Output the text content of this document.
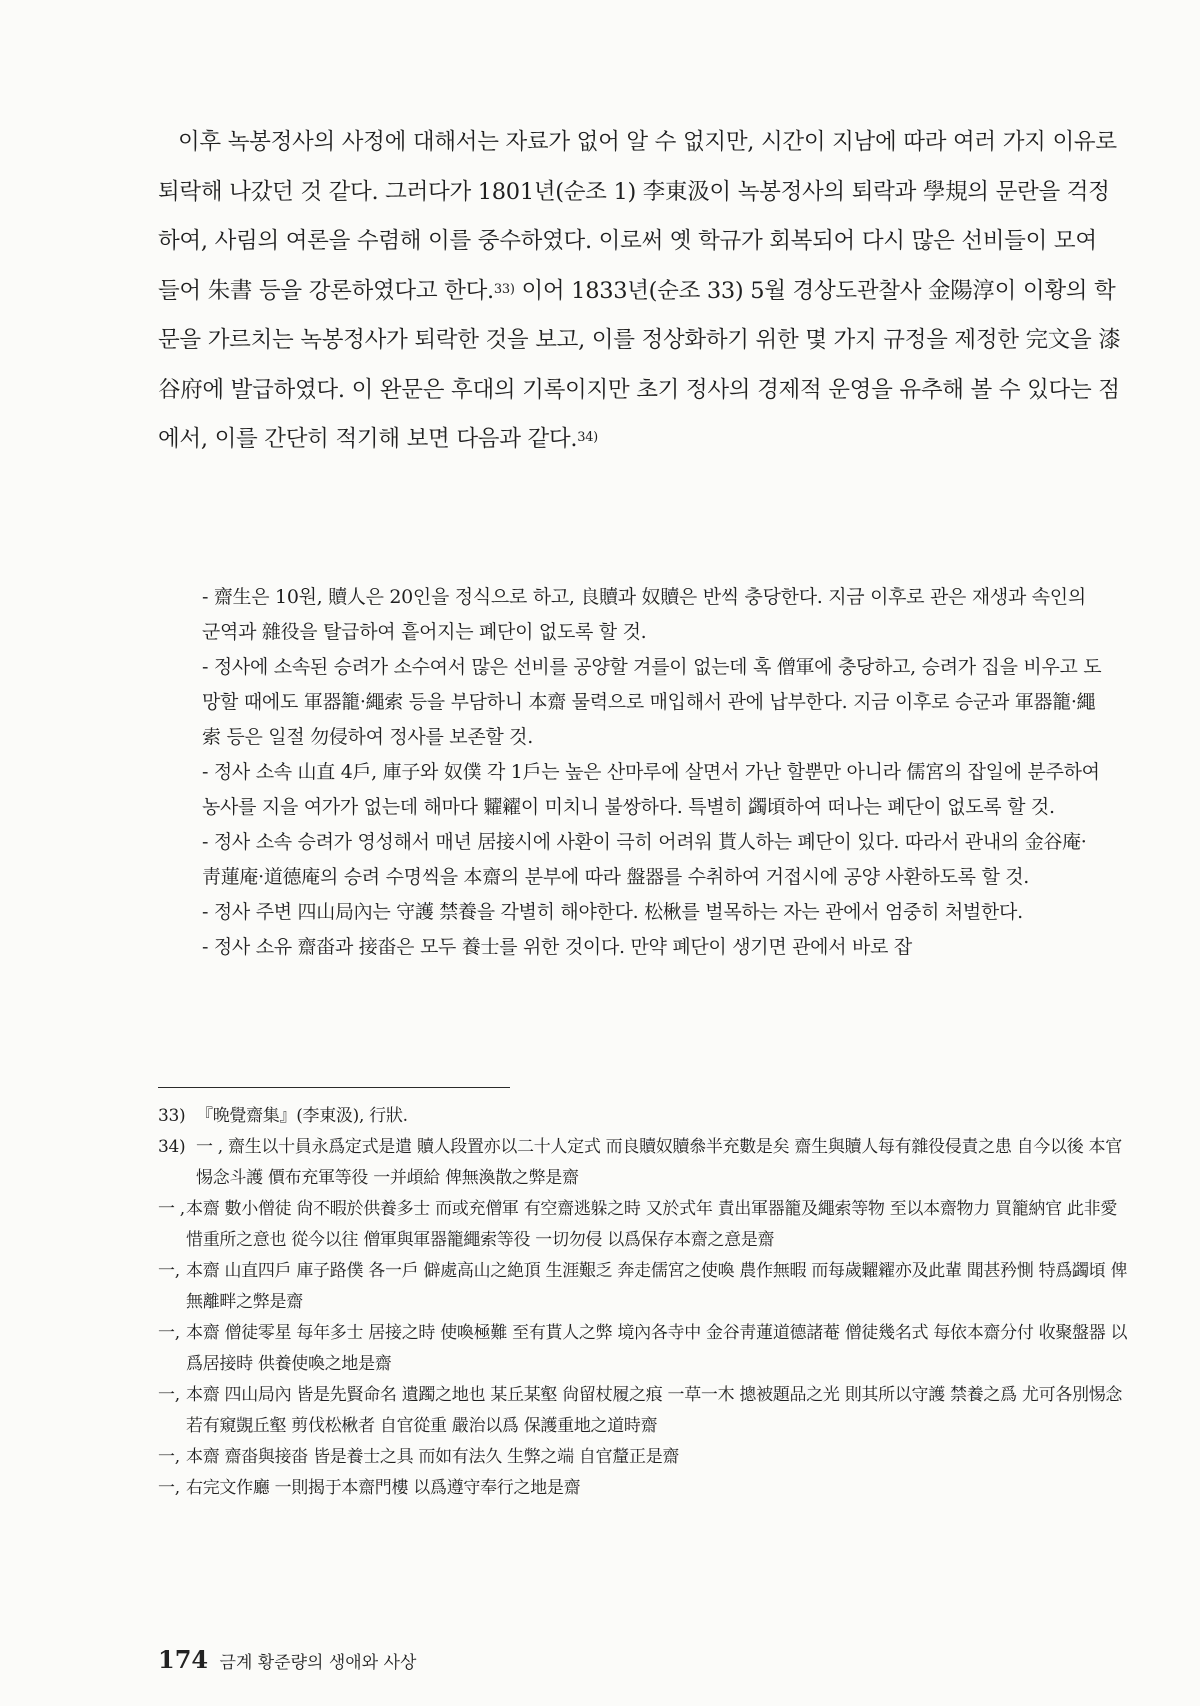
이후 녹봉정사의 사정에 대해서는 자료가 없어 알 수 없지만, 시간이 지남에 따라 여러 가지 이유로 퇴락해 나갔던 것 같다. 그러다가 1801년(순조 1) 李東汲이 녹봉정사의 퇴락과 學規의 문란을 걱정하여, 사림의 여론을 수렴해 이를 중수하였다. 이로써 옛 학규가 회복되어 다시 많은 선비들이 모여 들어 朱書 등을 강론하였다고 한다.$^{33)}$ 이어 1833년(순조 33) 5월 경상도관찰사 金陽淳이 이황의 학문을 가르치는 녹봉정사가 퇴락한 것을 보고, 이를 정상화하기 위한 몇 가지 규정을 제정한 完文을 漆谷府에 발급하였다. 이 완문은 후대의 기록이지만 초기 정사의 경제적 운영을 유추해 볼 수 있다는 점에서, 이를 간단히 적기해 보면 다음과 같다.$^{34)}$

- 齋生은 10원, 贖人은 20인을 정식으로 하고, 良贖과 奴贖은 반씩 충당한다. 지금 이후로 관은 재생과 속인의 군역과 雜役을 탈급하여 흩어지는 폐단이 없도록 할 것.

- 정사에 소속된 승려가 소수여서 많은 선비를 공양할 겨를이 없는데 혹 僧軍에 충당하고, 승려가 집을 비우고 도망할 때에도 軍器籠·繩索 등을 부담하니 本齋 물력으로 매입해서 관에 납부한다. 지금 이후로 승군과 軍器籠·繩索 등은 일절 勿侵하여 정사를 보존할 것.

- 정사 소속 山直 4戶, 庫子와 奴僕 각 1戶는 높은 산마루에 살면서 가난 할뿐만 아니라 儒宮의 잡일에 분주하여 농사를 지을 여가가 없는데 해마다 糶糴이 미치니 불쌍하다. 특별히 蠲頃하여 떠나는 폐단이 없도록 할 것.

- 정사 소속 승려가 영성해서 매년 居接시에 사환이 극히 어려워 貰人하는 폐단이 있다. 따라서 관내의 金谷庵·靑蓮庵·道德庵의 승려 수명씩을 本齋의 분부에 따라 盤器를 수취하여 거접시에 공양 사환하도록 할 것.

- 정사 주변 四山局內는 守護 禁養을 각별히 해야한다. 松楸를 벌목하는 자는 관에서 엄중히 처벌한다.

- 정사 소유 齋畓과 接畓은 모두 養士를 위한 것이다. 만약 폐단이 생기면 관에서 바로 잡

33) 『晩覺齋集』(李東汲), 行狀.
34) 一 , 齋生以十員永爲定式是遣 贖人段置亦以二十人定式 而良贖奴贖叅半充數是矣 齋生與贖人每有雜役侵責之患 自今以後 本官惕念斗護 價布充軍等役 一并頉給 俾無渙散之弊是齋
一 , 本齋 數小僧徒 尙不暇於供養多士 而或充僧軍 有空齋逃躲之時 又於式年 責出軍器籠及繩索等物 至以本齋物力 買籠納官 此非愛惜重所之意也 從今以往 僧軍與軍器籠繩索等役 一切勿侵 以爲保存本齋之意是齋
一, 本齋 山直四戶 庫子路僕 各一戶 僻處高山之絶頂 生涯艱乏 奔走儒宮之使喚 農作無暇 而每歲糶糴亦及此輩 聞甚矜惻 特爲蠲頃 俾無離畔之弊是齋
一, 本齋 僧徒零星 每年多士 居接之時 使喚極難 至有貰人之弊 境內各寺中 金谷靑蓮道德諸菴 僧徒幾名式 每依本齋分付 收聚盤器 以爲居接時 供養使喚之地是齋
一, 本齋 四山局內 皆是先賢命名 遺躅之地也 某丘某壑 尙留杖履之痕 一草一木 摠被題品之光 則其所以守護 禁養之爲 尤可各別惕念 若有窺覬丘壑 剪伐松楸者 自官從重 嚴治以爲 保護重地之道時齋
一, 本齋 齋畓與接畓 皆是養士之具 而如有法久 生弊之端 自官釐正是齋
一, 右完文作廳 一則揭于本齋門樓 以爲遵守奉行之地是齋
174 금계 황준량의 생애와 사상
